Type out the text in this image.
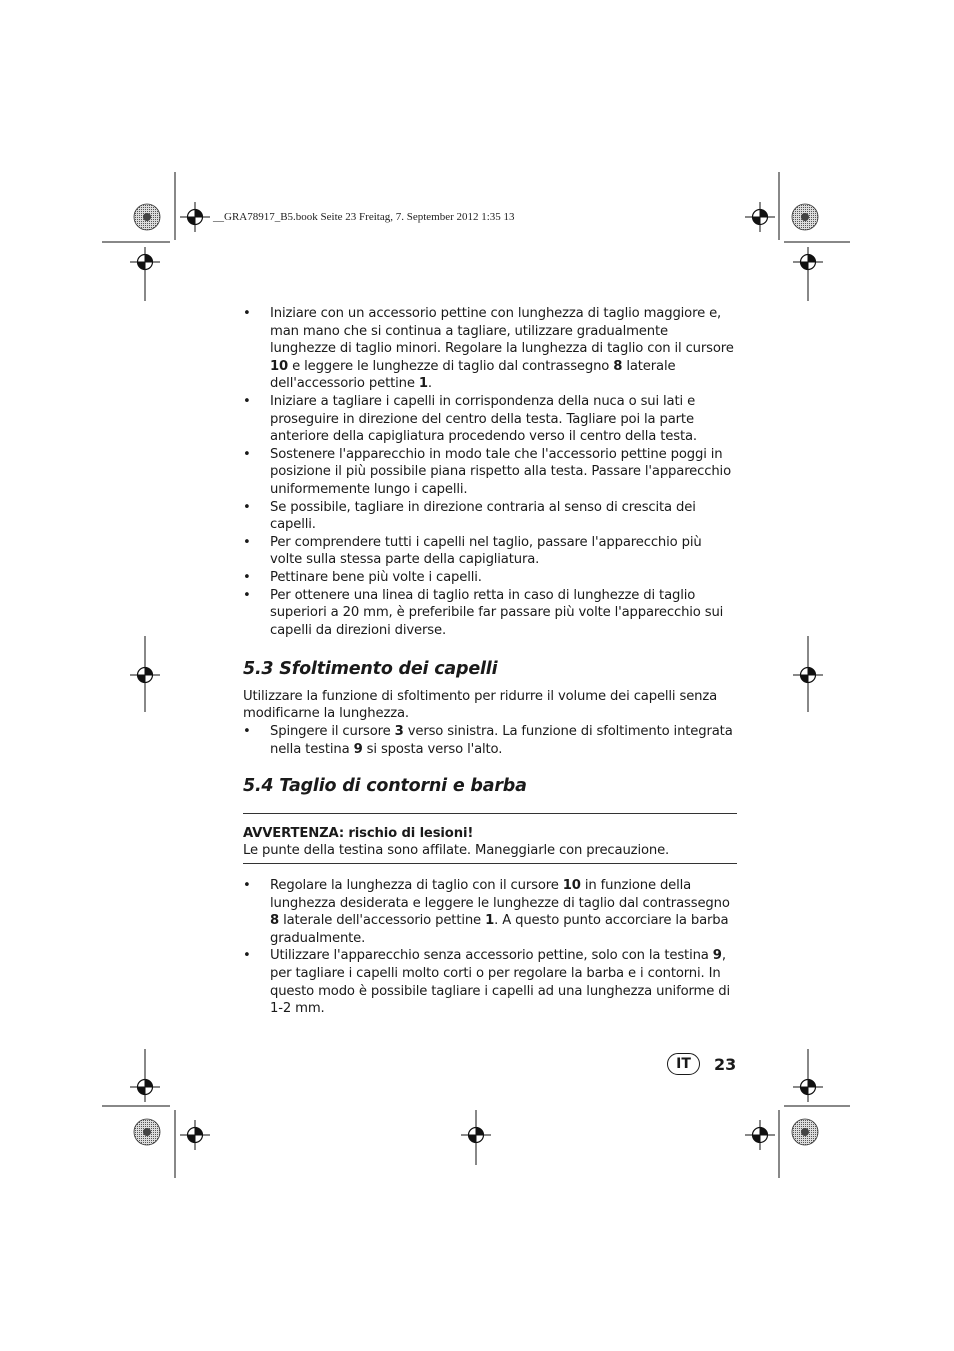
__GRA78917_B5.book Seite 23 Freitag, 7. September 2012 1:35 13
• Iniziare con un accessorio pettine con lunghezza di taglio maggiore e, man mano che si continua a tagliare, utilizzare gradualmente lunghezze di taglio minori. Regolare la lunghezza di taglio con il cursore 10 e leggere le lunghezze di taglio dal contrassegno 8 laterale dell'accessorio pettine 1.
• Iniziare a tagliare i capelli in corrispondenza della nuca o sui lati e proseguire in direzione del centro della testa. Tagliare poi la parte anteriore della capigliatura procedendo verso il centro della testa.
• Sostenere l'apparecchio in modo tale che l'accessorio pettine poggi in posizione il più possibile piana rispetto alla testa. Passare l'apparecchio uniformemente lungo i capelli.
• Se possibile, tagliare in direzione contraria al senso di crescita dei capelli.
• Per comprendere tutti i capelli nel taglio, passare l'apparecchio più volte sulla stessa parte della capigliatura.
• Pettinare bene più volte i capelli.
• Per ottenere una linea di taglio retta in caso di lunghezze di taglio superiori a 20 mm, è preferibile far passare più volte l'apparecchio sui capelli da direzioni diverse.
5.3 Sfoltimento dei capelli

Utilizzare la funzione di sfoltimento per ridurre il volume dei capelli senza modificarne la lunghezza.

• Spingere il cursore 3 verso sinistra. La funzione di sfoltimento integrata nella testina 9 si sposta verso l'alto.
5.4 Taglio di contorni e barba
AVVERTENZA: rischio di lesioni!
Le punte della testina sono affilate. Maneggiarle con precauzione.
• Regolare la lunghezza di taglio con il cursore 10 in funzione della lunghezza desiderata e leggere le lunghezze di taglio dal contrassegno 8 laterale dell'accessorio pettine 1. A questo punto accorciare la barba gradualmente.
• Utilizzare l'apparecchio senza accessorio pettine, solo con la testina 9, per tagliare i capelli molto corti o per regolare la barba e i contorni. In questo modo è possibile tagliare i capelli ad una lunghezza uniforme di 1-2 mm.
IT	23
